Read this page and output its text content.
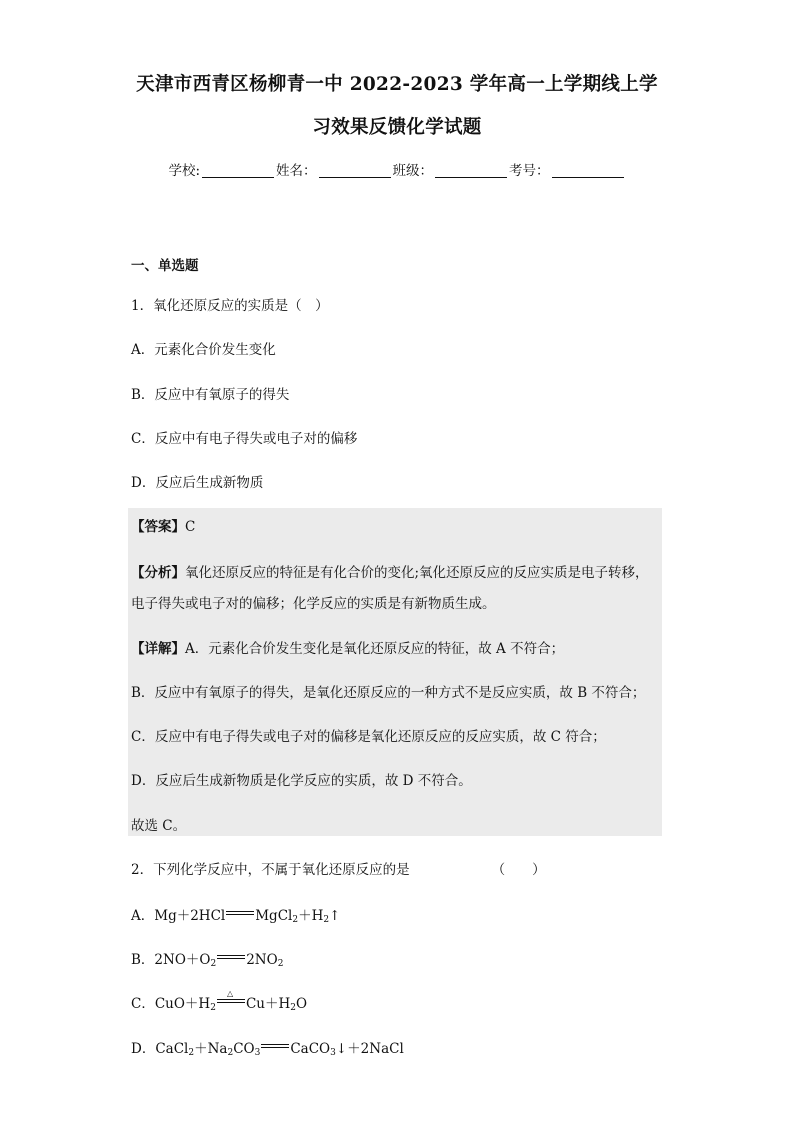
天津市西青区杨柳青一中 2022-2023 学年高一上学期线上学
习效果反馈化学试题
学校:	姓名：	班级：	考号：
一、单选题
1．氧化还原反应的实质是（　）
A．元素化合价发生变化
B．反应中有氧原子的得失
C．反应中有电子得失或电子对的偏移
D．反应后生成新物质
【答案】C
【分析】氧化还原反应的特征是有化合价的变化;氧化还原反应的反应实质是电子转移，
电子得失或电子对的偏移；化学反应的实质是有新物质生成。
【详解】A．元素化合价发生变化是氧化还原反应的特征，故 A 不符合；
B．反应中有氧原子的得失，是氧化还原反应的一种方式不是反应实质，故 B 不符合；
C．反应中有电子得失或电子对的偏移是氧化还原反应的反应实质，故 C 符合；
D．反应后生成新物质是化学反应的实质，故 D 不符合。
故选 C。
2．下列化学反应中，不属于氧化还原反应的是	（　　）
A．Mg＋2HCl $MgCl_2+H_2↑$
B．$2NO+O_2$ $2NO_2$
C．$CuO+H_2$
△
$Cu+H_2O$
D．$CaCl_2+Na_2CO_3$ CaCO$_3$↓＋2NaCl
